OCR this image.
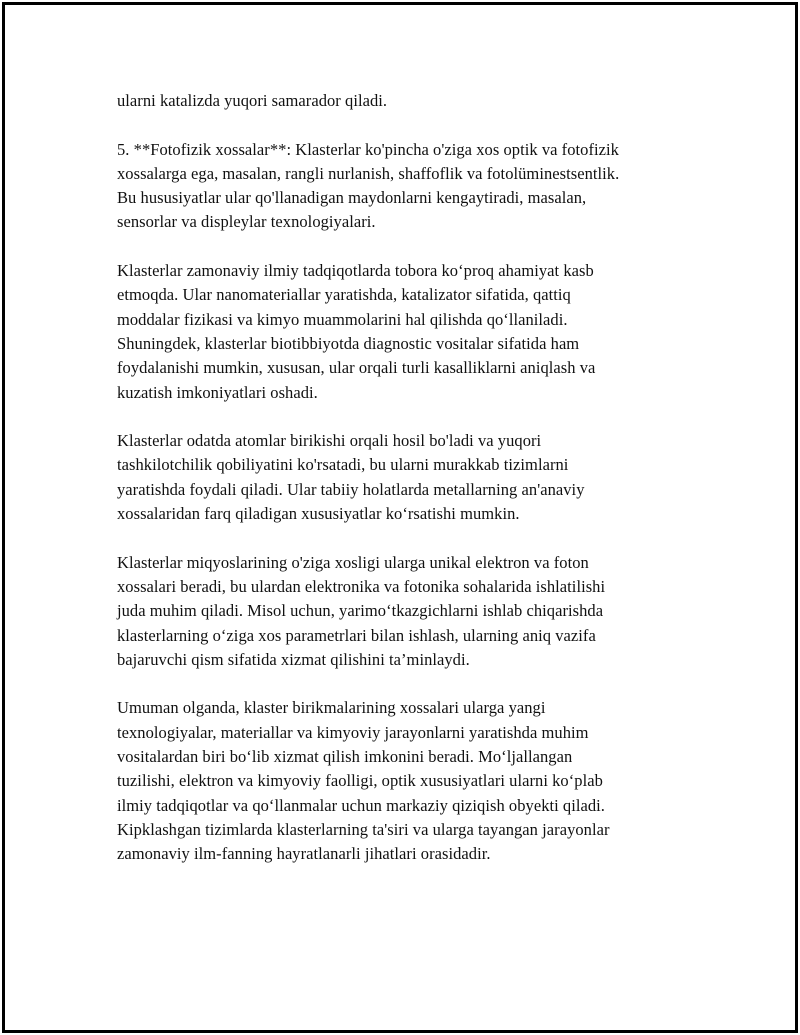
ularni katalizda yuqori samarador qiladi.

5. **Fotofizik xossalar**: Klasterlar ko'pincha o'ziga xos optik va fotofizik
xossalarga ega, masalan, rangli nurlanish, shaffoflik va fotolüminestsentlik.
Bu hususiyatlar ular qo'llanadigan maydonlarni kengaytiradi, masalan,
sensorlar va displeylar texnologiyalari.

Klasterlar zamonaviy ilmiy tadqiqotlarda tobora ko‘proq ahamiyat kasb
etmoqda. Ular nanomateriallar yaratishda, katalizator sifatida, qattiq
moddalar fizikasi va kimyo muammolarini hal qilishda qo‘llaniladi.
Shuningdek, klasterlar biotibbiyotda diagnostic vositalar sifatida ham
foydalanishi mumkin, xususan, ular orqali turli kasalliklarni aniqlash va
kuzatish imkoniyatlari oshadi.

Klasterlar odatda atomlar birikishi orqali hosil bo'ladi va yuqori
tashkilotchilik qobiliyatini ko'rsatadi, bu ularni murakkab tizimlarni
yaratishda foydali qiladi. Ular tabiiy holatlarda metallarning an'anaviy
xossalaridan farq qiladigan xususiyatlar ko‘rsatishi mumkin.

Klasterlar miqyoslarining o'ziga xosligi ularga unikal elektron va foton
xossalari beradi, bu ulardan elektronika va fotonika sohalarida ishlatilishi
juda muhim qiladi. Misol uchun, yarimo‘tkazgichlarni ishlab chiqarishda
klasterlarning o‘ziga xos parametrlari bilan ishlash, ularning aniq vazifa
bajaruvchi qism sifatida xizmat qilishini ta’minlaydi.

Umuman olganda, klaster birikmalarining xossalari ularga yangi
texnologiyalar, materiallar va kimyoviy jarayonlarni yaratishda muhim
vositalardan biri bo‘lib xizmat qilish imkonini beradi. Mo‘ljallangan
tuzilishi, elektron va kimyoviy faolligi, optik xususiyatlari ularni ko‘plab
ilmiy tadqiqotlar va qo‘llanmalar uchun markaziy qiziqish obyekti qiladi.
Kipklashgan tizimlarda klasterlarning ta'siri va ularga tayangan jarayonlar
zamonaviy ilm-fanning hayratlanarli jihatlari orasidadir.
